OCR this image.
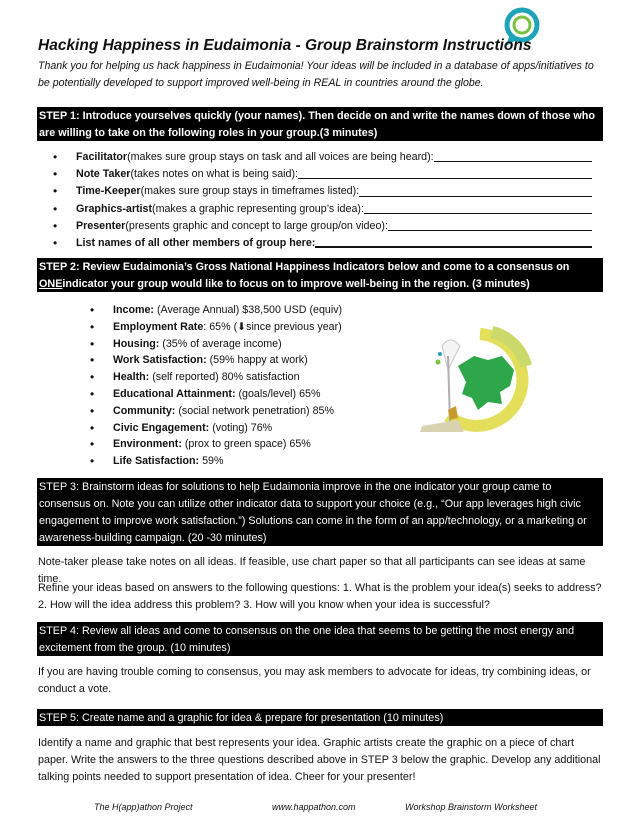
Hacking Happiness in Eudaimonia - Group Brainstorm Instructions
Thank you for helping us hack happiness in Eudaimonia! Your ideas will be included in a database of apps/initiatives to be potentially developed to support improved well-being in REAL in countries around the globe.
STEP 1: Introduce yourselves quickly (your names). Then decide on and write the names down of those who are willing to take on the following roles in your group.(3 minutes)
• Facilitator (makes sure group stays on task and all voices are being heard):
• Note Taker (takes notes on what is being said):
• Time-Keeper (makes sure group stays in timeframes listed):
• Graphics-artist (makes a graphic representing group’s idea):
• Presenter (presents graphic and concept to large group/on video):
• List names of all other members of group here:
STEP 2: Review Eudaimonia’s Gross National Happiness Indicators below and come to a consensus on ONEindicator your group would like to focus on to improve well-being in the region. (3 minutes)
• Income: (Average Annual) $38,500 USD (equiv)
• Employment Rate: 65% (⬇since previous year)
• Housing: (35% of average income)
• Work Satisfaction: (59% happy at work)
• Health: (self reported) 80% satisfaction
• Educational Attainment: (goals/level) 65%
• Community: (social network penetration) 85%
• Civic Engagement: (voting) 76%
• Environment: (prox to green space) 65%
• Life Satisfaction: 59%
STEP 3: Brainstorm ideas for solutions to help Eudaimonia improve in the one indicator your group came to consensus on. Note you can utilize other indicator data to support your choice (e.g., “Our app leverages high civic engagement to improve work satisfaction.”) Solutions can come in the form of an app/technology, or a marketing or awareness-building campaign. (20 -30 minutes)
Note-taker please take notes on all ideas. If feasible, use chart paper so that all participants can see ideas at same time.
Refine your ideas based on answers to the following questions: 1. What is the problem your idea(s) seeks to address? 2. How will the idea address this problem? 3. How will you know when your idea is successful?
STEP 4: Review all ideas and come to consensus on the one idea that seems to be getting the most energy and excitement from the group. (10 minutes)
If you are having trouble coming to consensus, you may ask members to advocate for ideas, try combining ideas, or conduct a vote.
STEP 5: Create name and a graphic for idea & prepare for presentation (10 minutes)
Identify a name and graphic that best represents your idea. Graphic artists create the graphic on a piece of chart paper. Write the answers to the three questions described above in STEP 3 below the graphic. Develop any additional talking points needed to support presentation of idea. Cheer for your presenter!
The H(app)athon Project	www.happathon.com	Workshop Brainstorm Worksheet
